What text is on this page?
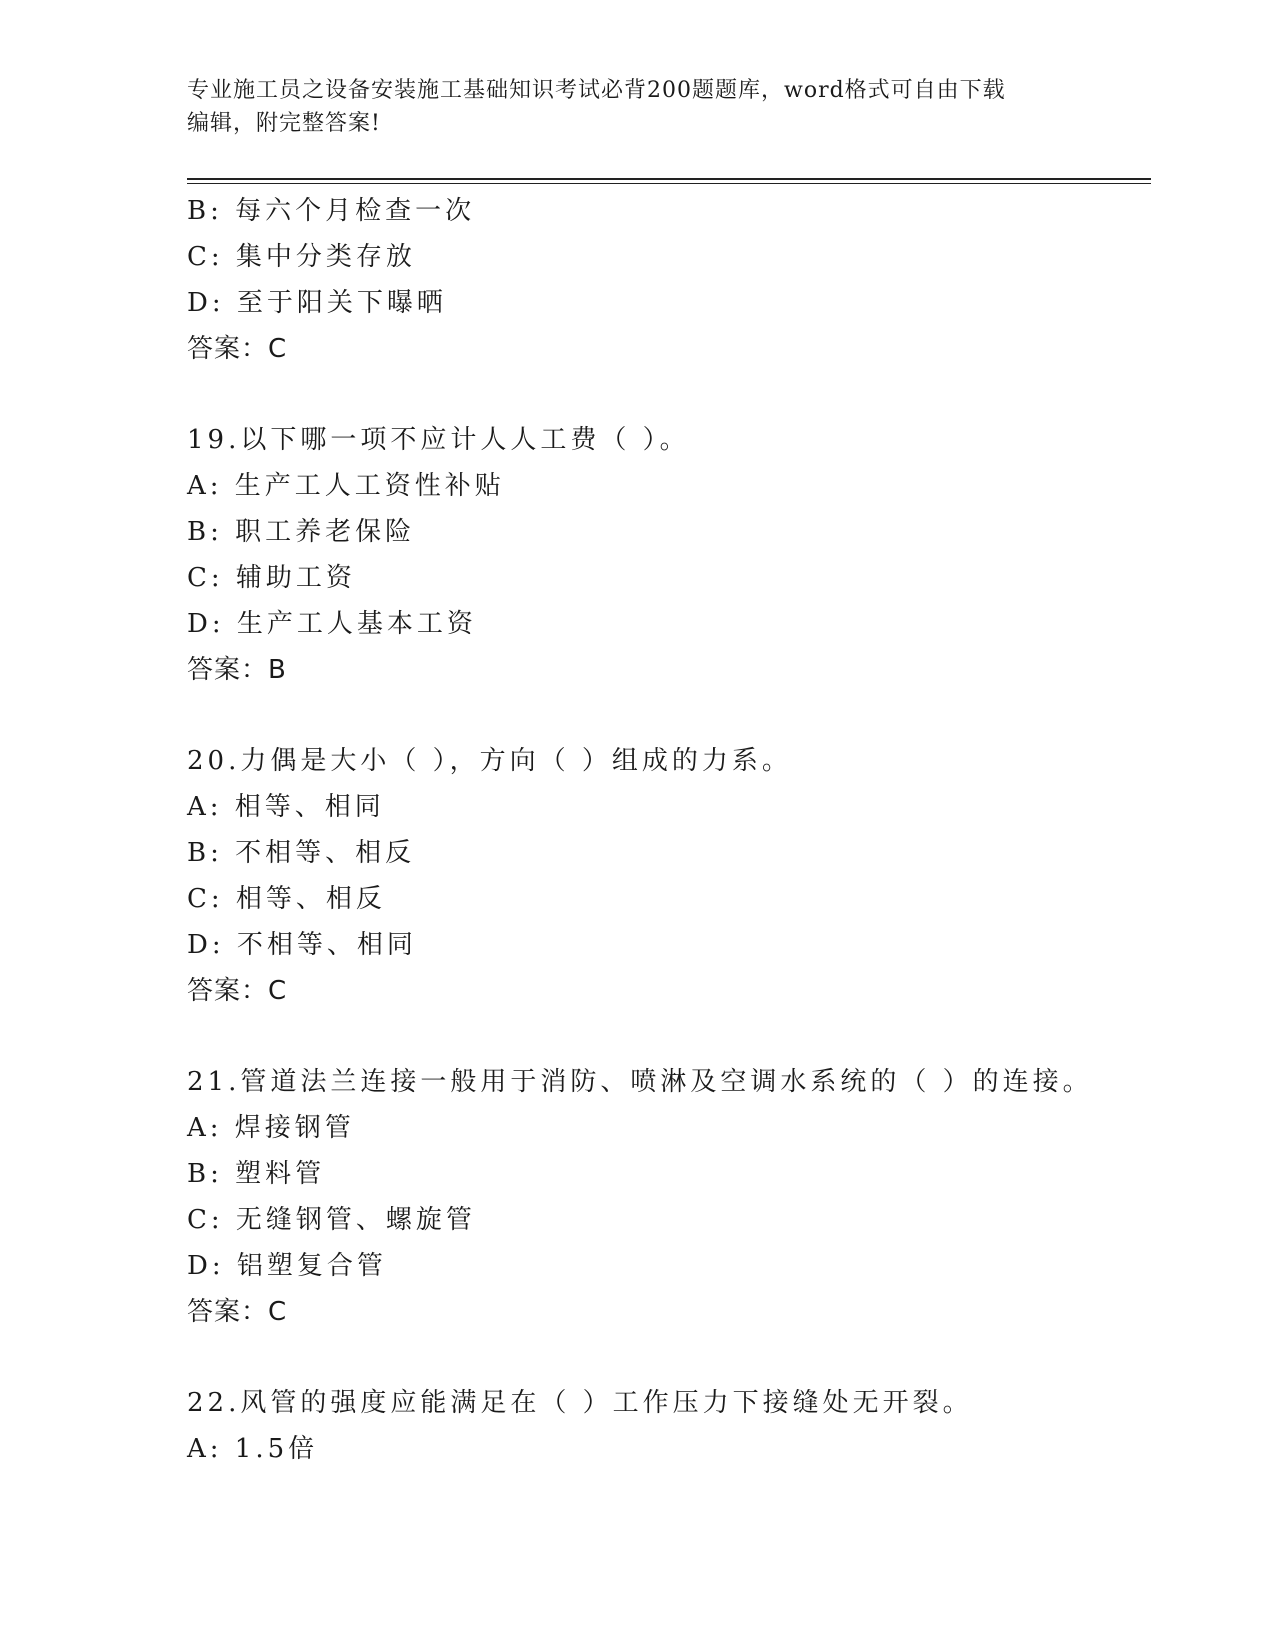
专业施工员之设备安装施工基础知识考试必背200题题库，word格式可自由下载
编辑，附完整答案!
B: 每六个月检查一次
C: 集中分类存放
D: 至于阳关下曝晒
答案：C
19.以下哪一项不应计人人工费（ ）。
A: 生产工人工资性补贴
B: 职工养老保险
C: 辅助工资
D: 生产工人基本工资
答案：B
20.力偶是大小（ ），方向（ ）组成的力系。
A: 相等、相同
B: 不相等、相反
C: 相等、相反
D: 不相等、相同
答案：C
21.管道法兰连接一般用于消防、喷淋及空调水系统的（ ）的连接。
A: 焊接钢管
B: 塑料管
C: 无缝钢管、螺旋管
D: 铝塑复合管
答案：C
22.风管的强度应能满足在（ ）工作压力下接缝处无开裂。
A: 1.5倍
